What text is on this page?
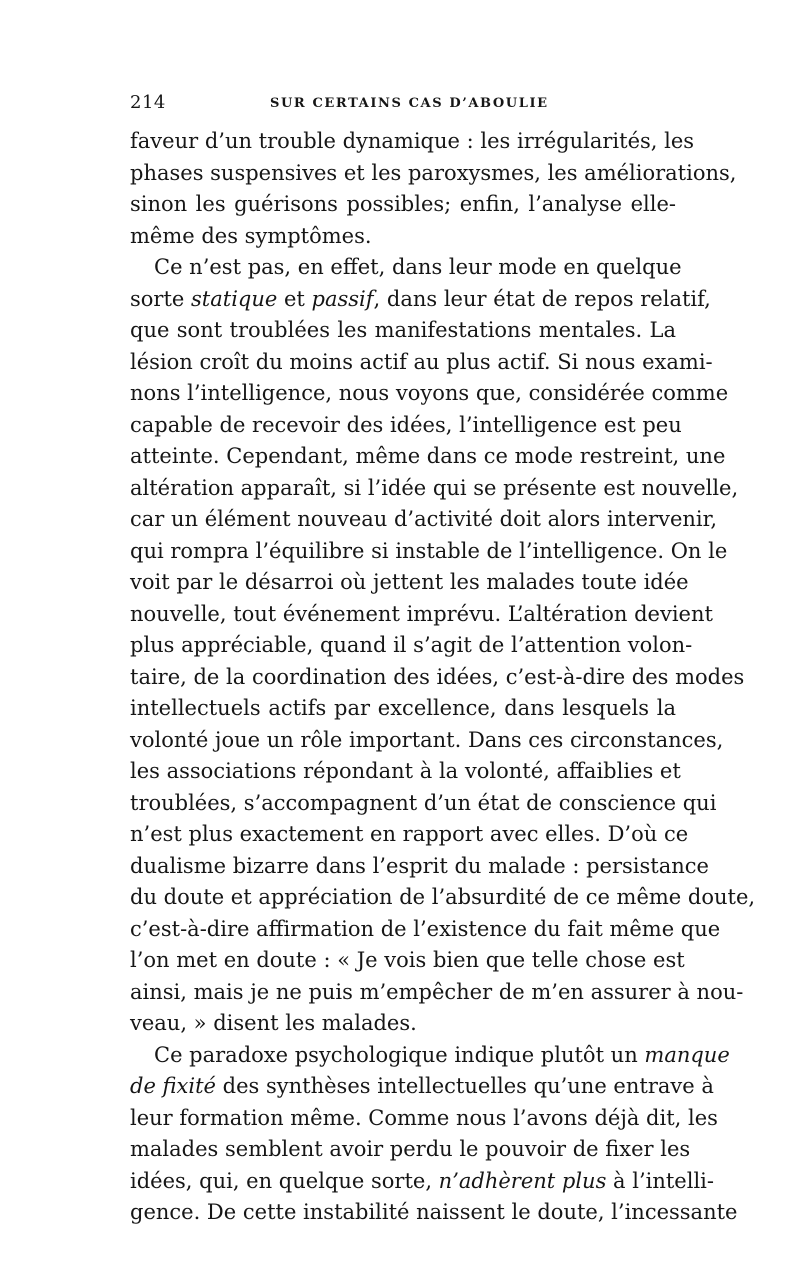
214	SUR CERTAINS CAS D’ABOULIE
faveur d’un trouble dynamique : les irrégularités, les
phases suspensives et les paroxysmes, les améliorations,
sinon les guérisons possibles; enfin, l’analyse elle-
même des symptômes.
Ce n’est pas, en effet, dans leur mode en quelque
sorte statique et passif, dans leur état de repos relatif,
que sont troublées les manifestations mentales. La
lésion croît du moins actif au plus actif. Si nous exami-
nons l’intelligence, nous voyons que, considérée comme
capable de recevoir des idées, l’intelligence est peu
atteinte. Cependant, même dans ce mode restreint, une
altération apparaît, si l’idée qui se présente est nouvelle,
car un élément nouveau d’activité doit alors intervenir,
qui rompra l’équilibre si instable de l’intelligence. On le
voit par le désarroi où jettent les malades toute idée
nouvelle, tout événement imprévu. L’altération devient
plus appréciable, quand il s’agit de l’attention volon-
taire, de la coordination des idées, c’est-à-dire des modes
intellectuels actifs par excellence, dans lesquels la
volonté joue un rôle important. Dans ces circonstances,
les associations répondant à la volonté, affaiblies et
troublées, s’accompagnent d’un état de conscience qui
n’est plus exactement en rapport avec elles. D’où ce
dualisme bizarre dans l’esprit du malade : persistance
du doute et appréciation de l’absurdité de ce même doute,
c’est-à-dire affirmation de l’existence du fait même que
l’on met en doute : « Je vois bien que telle chose est
ainsi, mais je ne puis m’empêcher de m’en assurer à nou-
veau, » disent les malades.
Ce paradoxe psychologique indique plutôt un manque
de fixité des synthèses intellectuelles qu’une entrave à
leur formation même. Comme nous l’avons déjà dit, les
malades semblent avoir perdu le pouvoir de fixer les
idées, qui, en quelque sorte, n’adhèrent plus à l’intelli-
gence. De cette instabilité naissent le doute, l’incessante
